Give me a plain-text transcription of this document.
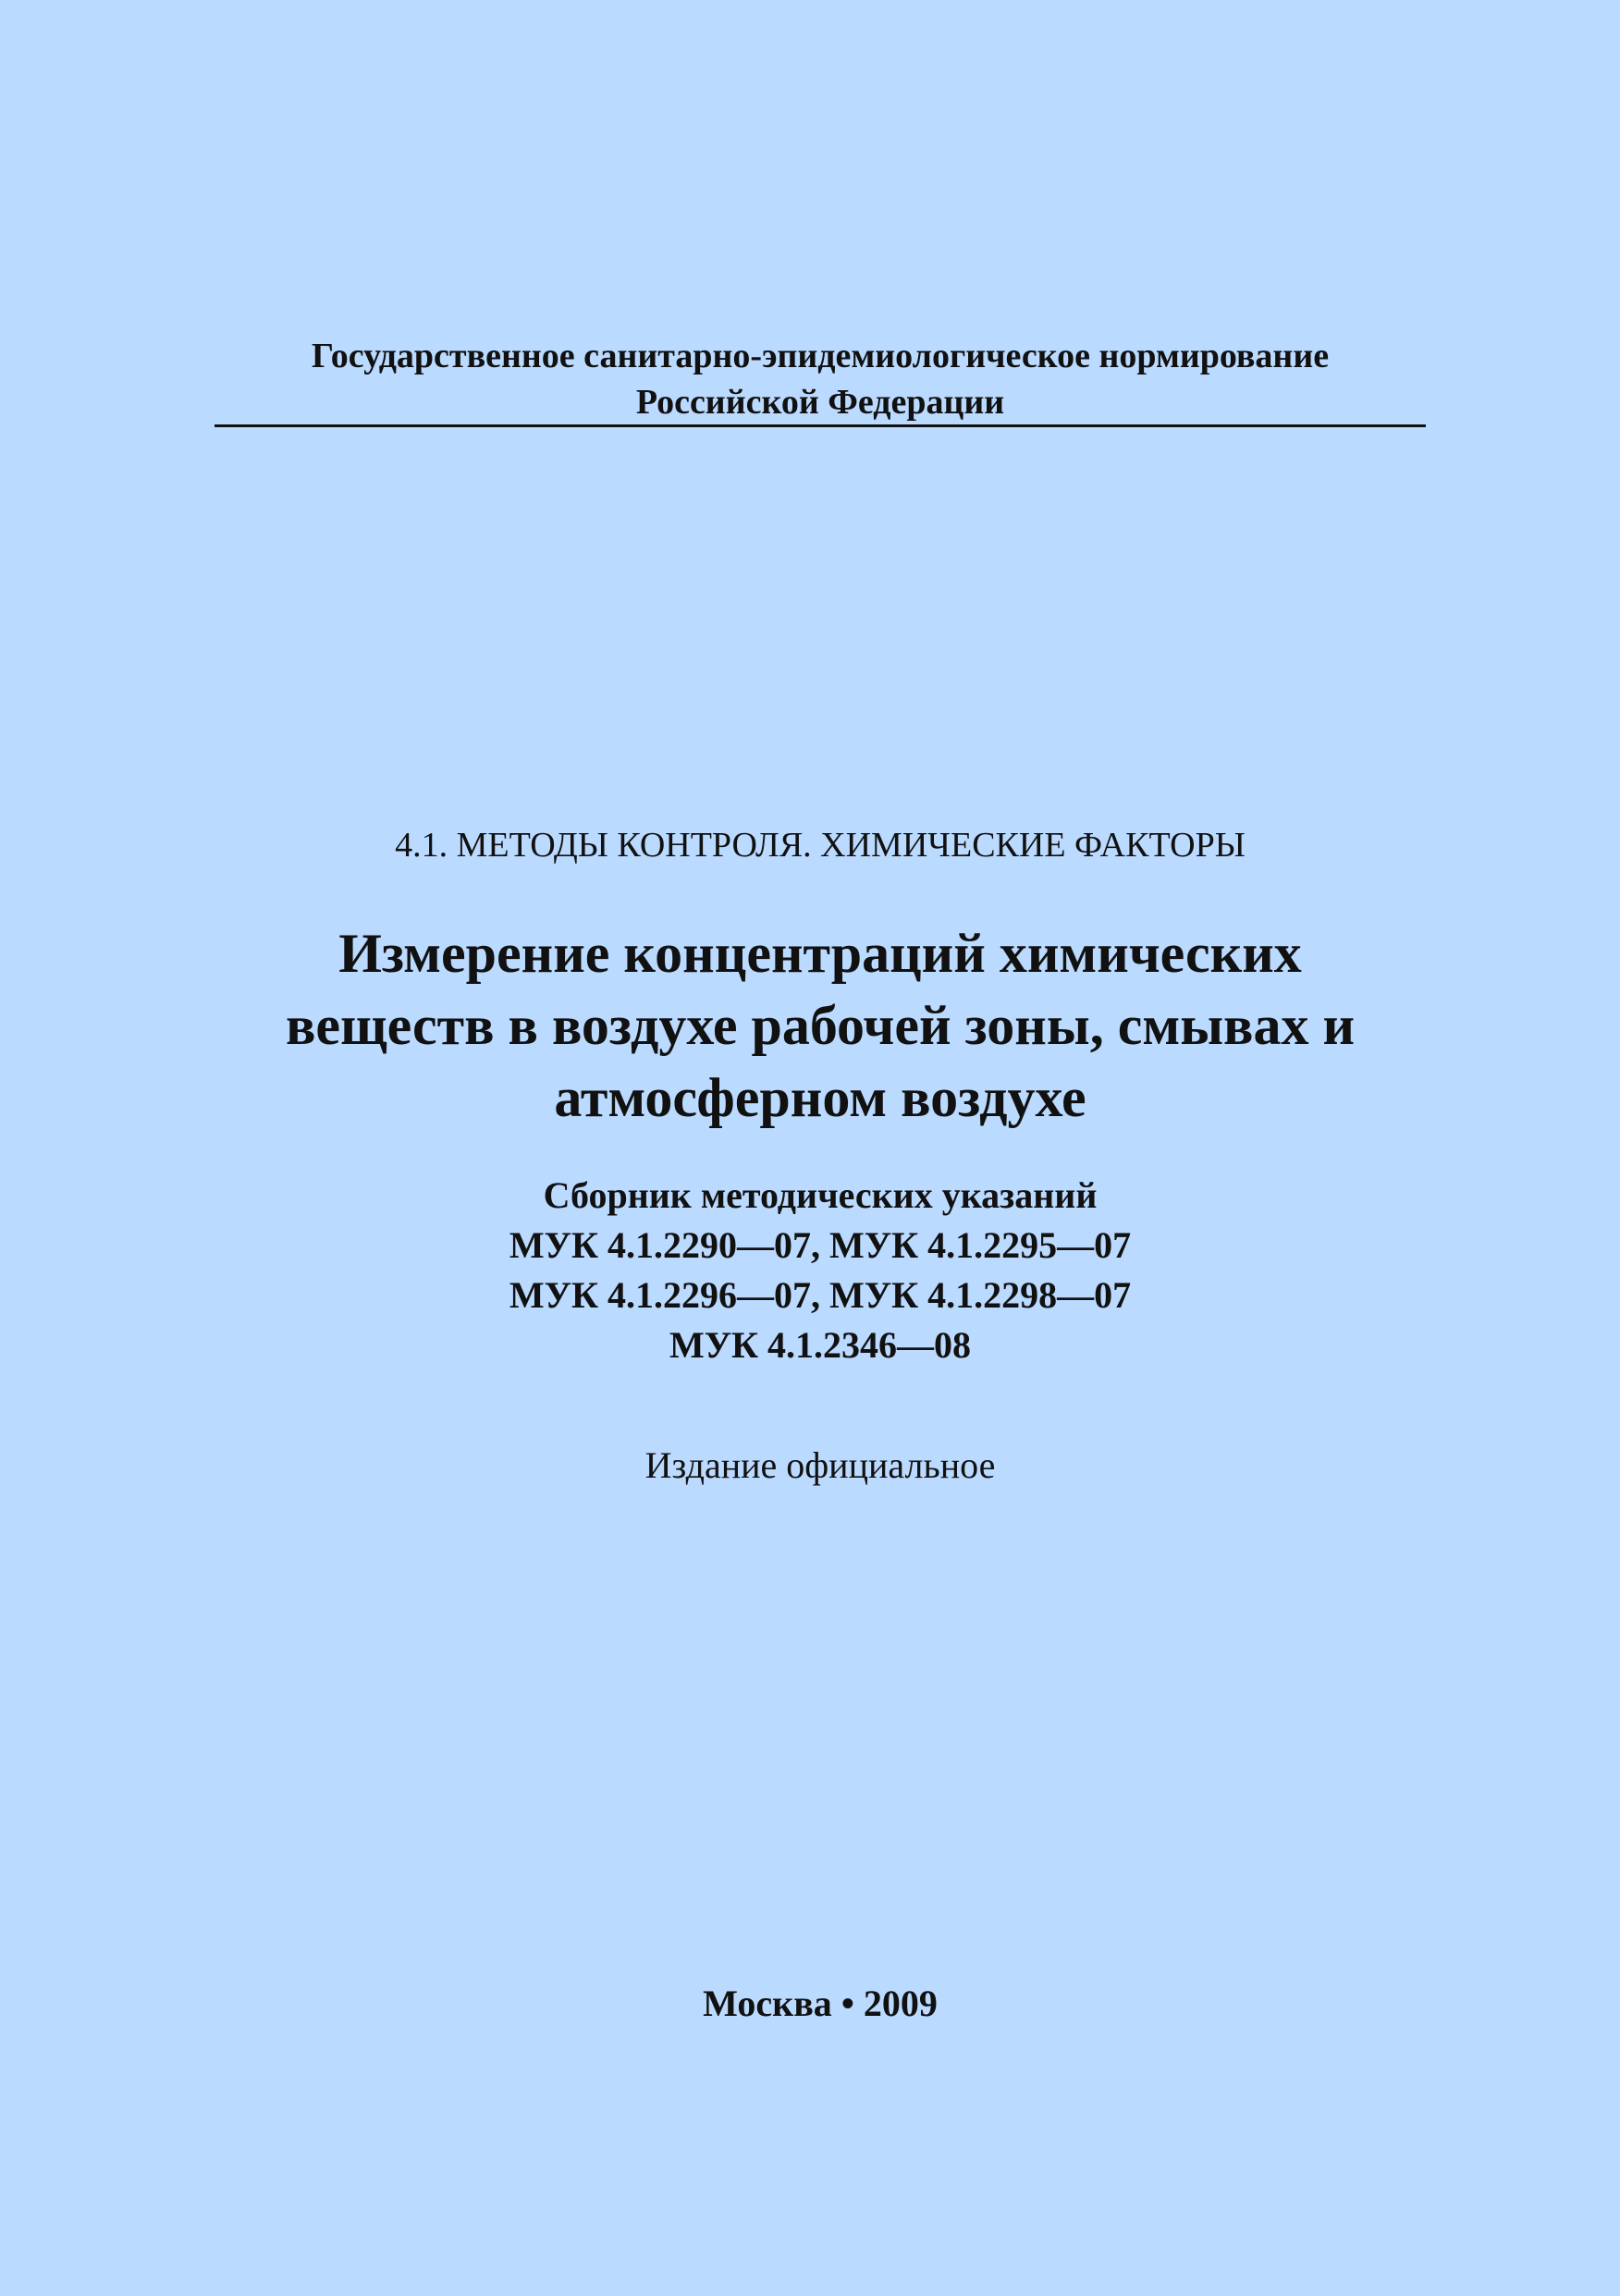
Государственное санитарно-эпидемиологическое нормирование
Российской Федерации
4.1. МЕТОДЫ КОНТРОЛЯ. ХИМИЧЕСКИЕ ФАКТОРЫ
Измерение концентраций химических
веществ в воздухе рабочей зоны, смывах и
атмосферном воздухе
Сборник методических указаний
МУК 4.1.2290—07, МУК 4.1.2295—07
МУК 4.1.2296—07, МУК 4.1.2298—07
МУК 4.1.2346—08
Издание официальное
Москва • 2009
